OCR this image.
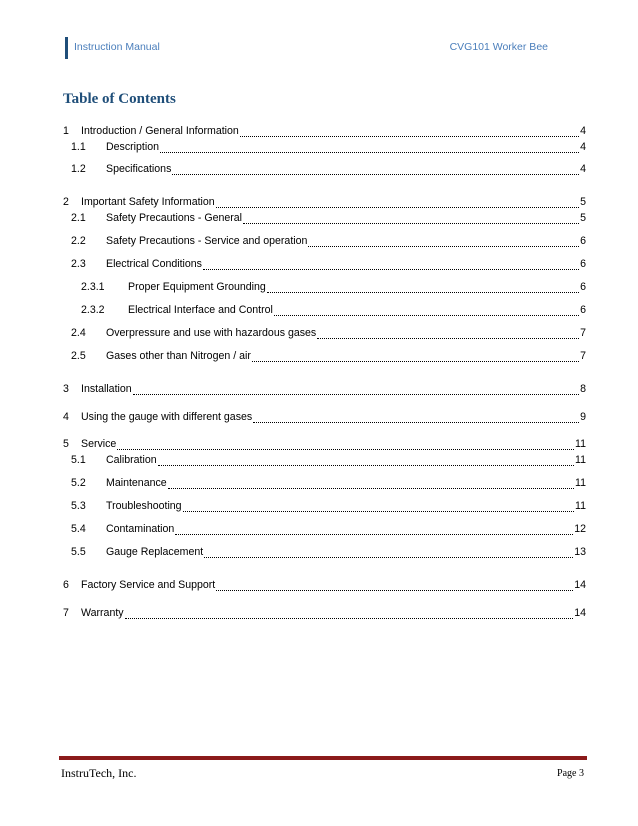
Instruction Manual	CVG101 Worker Bee
Table of Contents
1	Introduction / General Information	4
1.1	Description	4
1.2	Specifications	4
2	Important Safety Information	5
2.1	Safety Precautions - General	5
2.2	Safety Precautions - Service and operation	6
2.3	Electrical Conditions	6
2.3.1	Proper Equipment Grounding	6
2.3.2	Electrical Interface and Control	6
2.4	Overpressure and use with hazardous gases	7
2.5	Gases other than Nitrogen / air	7
3	Installation	8
4	Using the gauge with different gases	9
5	Service	11
5.1	Calibration	11
5.2	Maintenance	11
5.3	Troubleshooting	11
5.4	Contamination	12
5.5	Gauge Replacement	13
6	Factory Service and Support	14
7	Warranty	14
InstruTech, Inc.	Page 3
